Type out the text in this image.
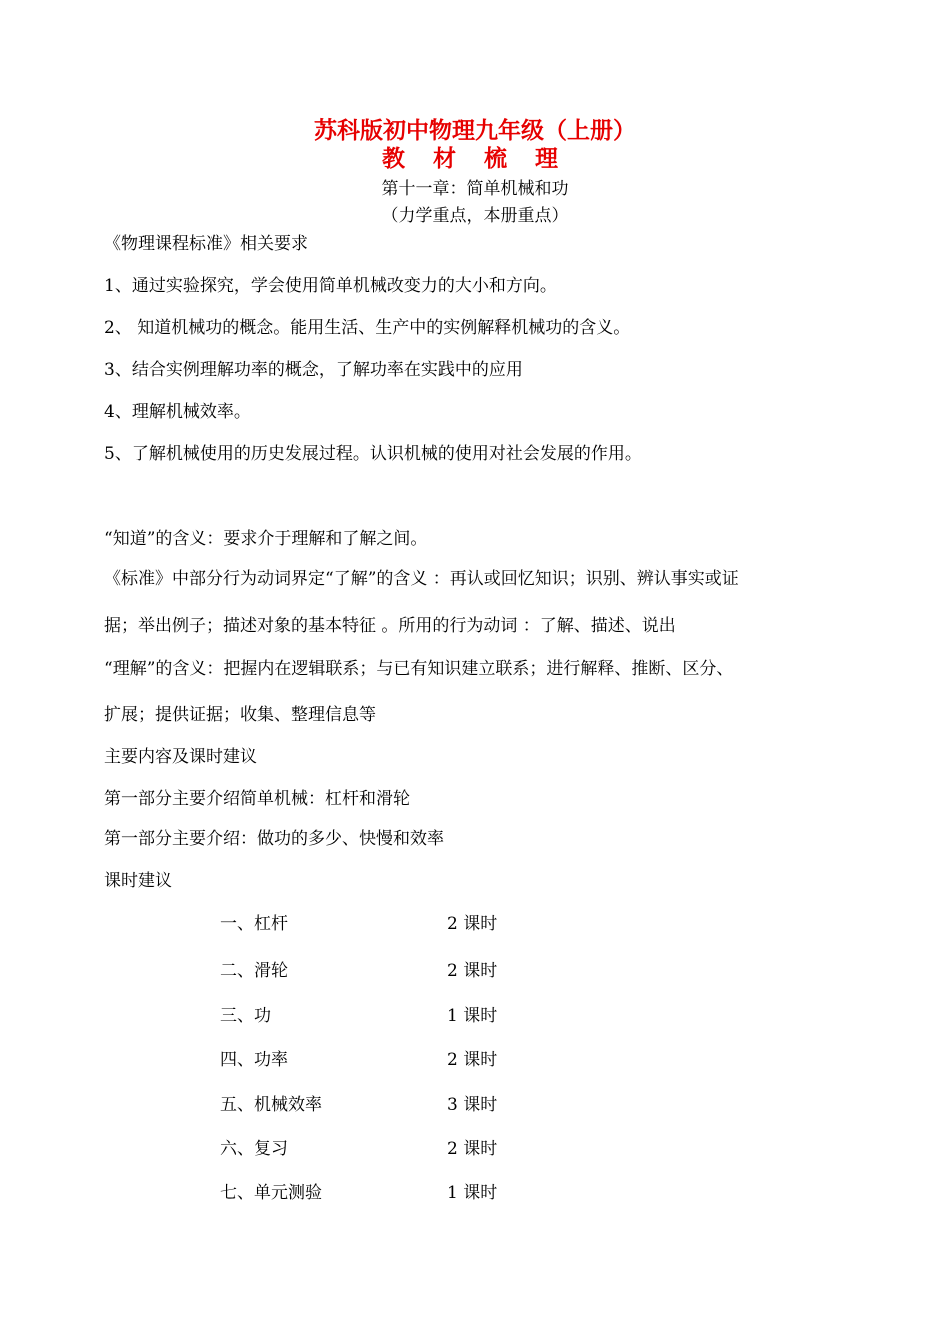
苏科版初中物理九年级（上册）
教 材 梳 理
第十一章：简单机械和功
（力学重点，本册重点）
《物理课程标准》相关要求
1、通过实验探究，学会使用简单机械改变力的大小和方向。
2、 知道机械功的概念。能用生活、生产中的实例解释机械功的含义。
3、结合实例理解功率的概念，了解功率在实践中的应用
4、理解机械效率。
5、了解机械使用的历史发展过程。认识机械的使用对社会发展的作用。
“知道”的含义：要求介于理解和了解之间。
《标准》中部分行为动词界定“了解”的含义 ：再认或回忆知识；识别、辨认事实或证
据；举出例子；描述对象的基本特征 。所用的行为动词 ：了解、描述、说出
“理解”的含义：把握内在逻辑联系；与已有知识建立联系；进行解释、推断、区分、
扩展；提供证据；收集、整理信息等
主要内容及课时建议
第一部分主要介绍简单机械：杠杆和滑轮
第一部分主要介绍：做功的多少、快慢和效率
课时建议
一、杠杆	2 课时
二、滑轮	2 课时
三、功	1 课时
四、功率	2 课时
五、机械效率	3 课时
六、复习	2 课时
七、单元测验	1 课时
